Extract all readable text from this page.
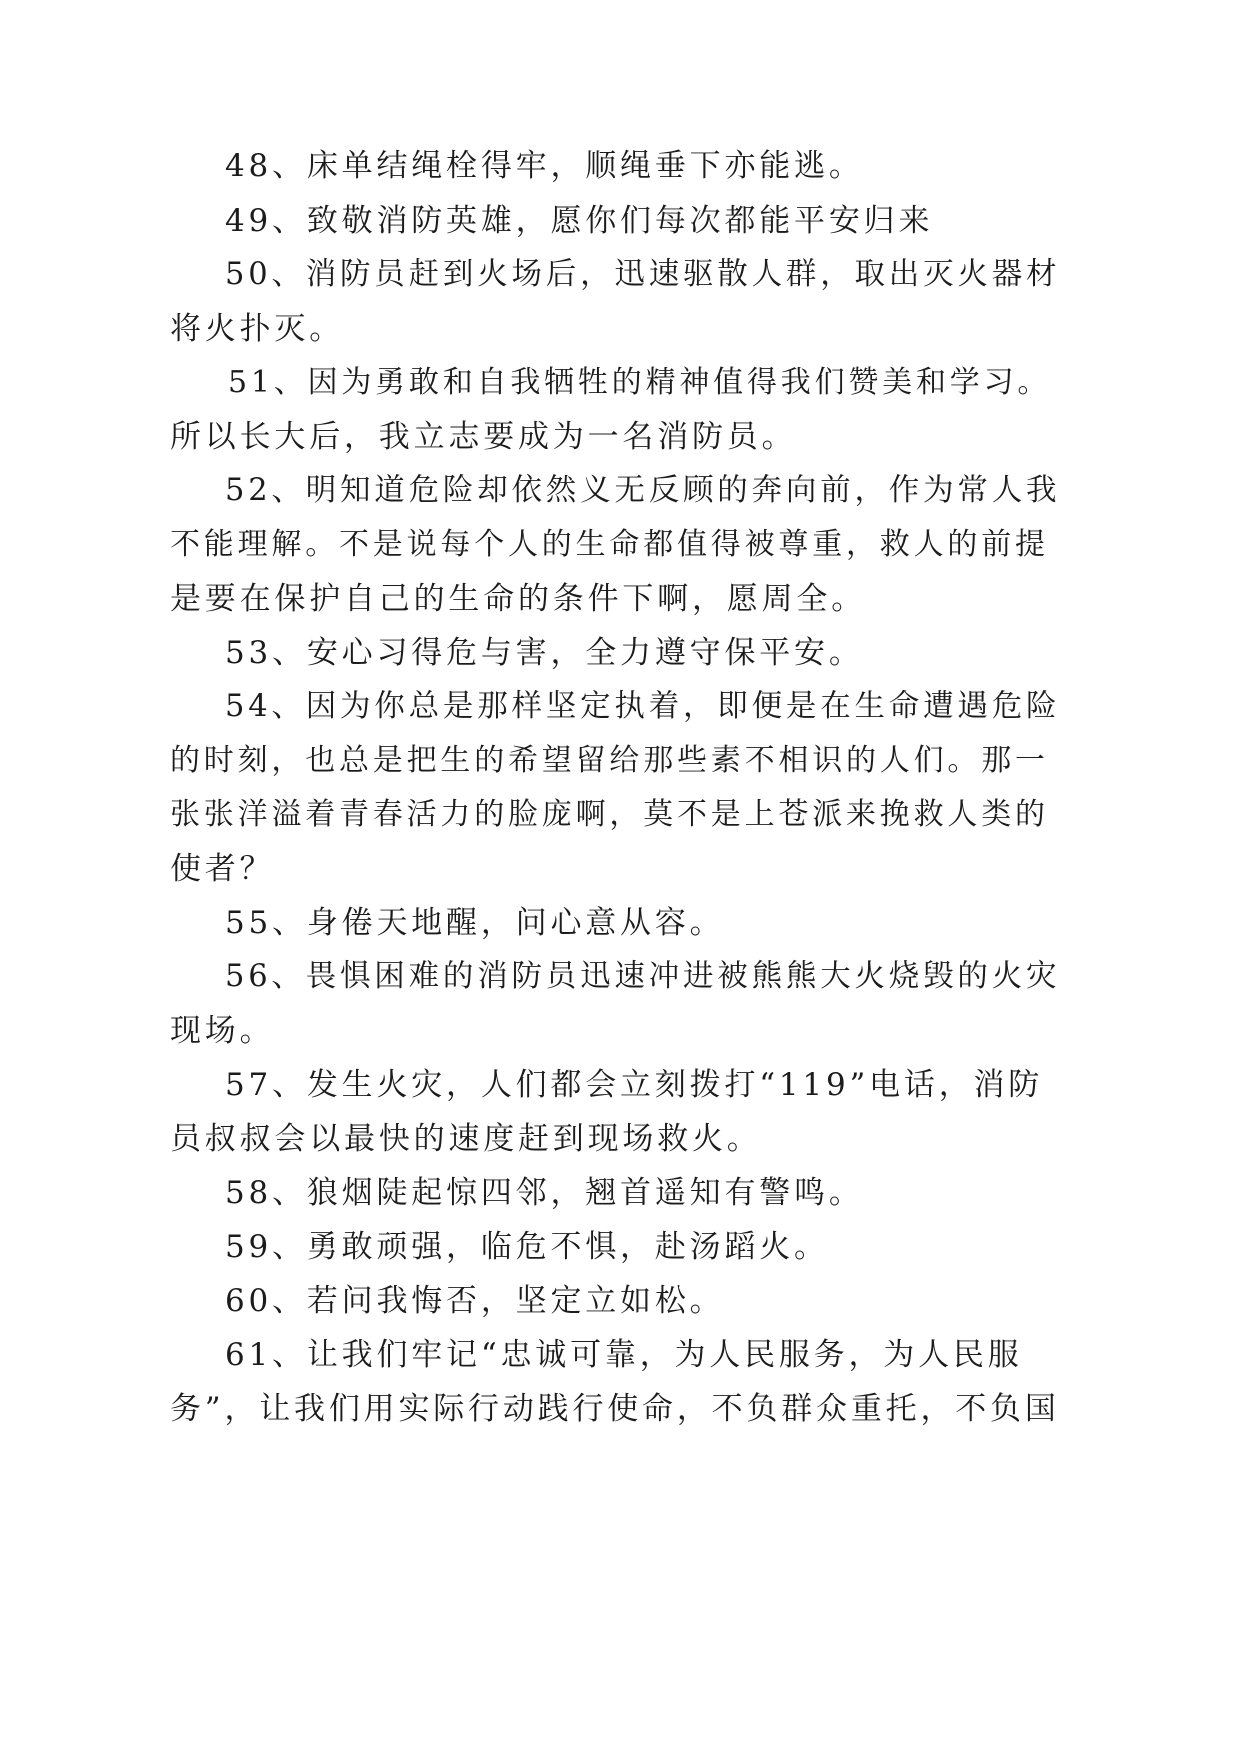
48、床单结绳栓得牢，顺绳垂下亦能逃。
49、致敬消防英雄，愿你们每次都能平安归来
50、消防员赶到火场后，迅速驱散人群，取出灭火器材
将火扑灭。
51、因为勇敢和自我牺牲的精神值得我们赞美和学习。
所以长大后，我立志要成为一名消防员。
52、明知道危险却依然义无反顾的奔向前，作为常人我
不能理解。不是说每个人的生命都值得被尊重，救人的前提
是要在保护自己的生命的条件下啊，愿周全。
53、安心习得危与害，全力遵守保平安。
54、因为你总是那样坚定执着，即便是在生命遭遇危险
的时刻，也总是把生的希望留给那些素不相识的人们。那一
张张洋溢着青春活力的脸庞啊，莫不是上苍派来挽救人类的
使者？
55、身倦天地醒，问心意从容。
56、畏惧困难的消防员迅速冲进被熊熊大火烧毁的火灾
现场。
57、发生火灾，人们都会立刻拨打“119”电话，消防
员叔叔会以最快的速度赶到现场救火。
58、狼烟陡起惊四邻，翘首遥知有警鸣。
59、勇敢顽强，临危不惧，赴汤蹈火。
60、若问我悔否，坚定立如松。
61、让我们牢记“忠诚可靠，为人民服务，为人民服
务”，让我们用实际行动践行使命，不负群众重托，不负国
